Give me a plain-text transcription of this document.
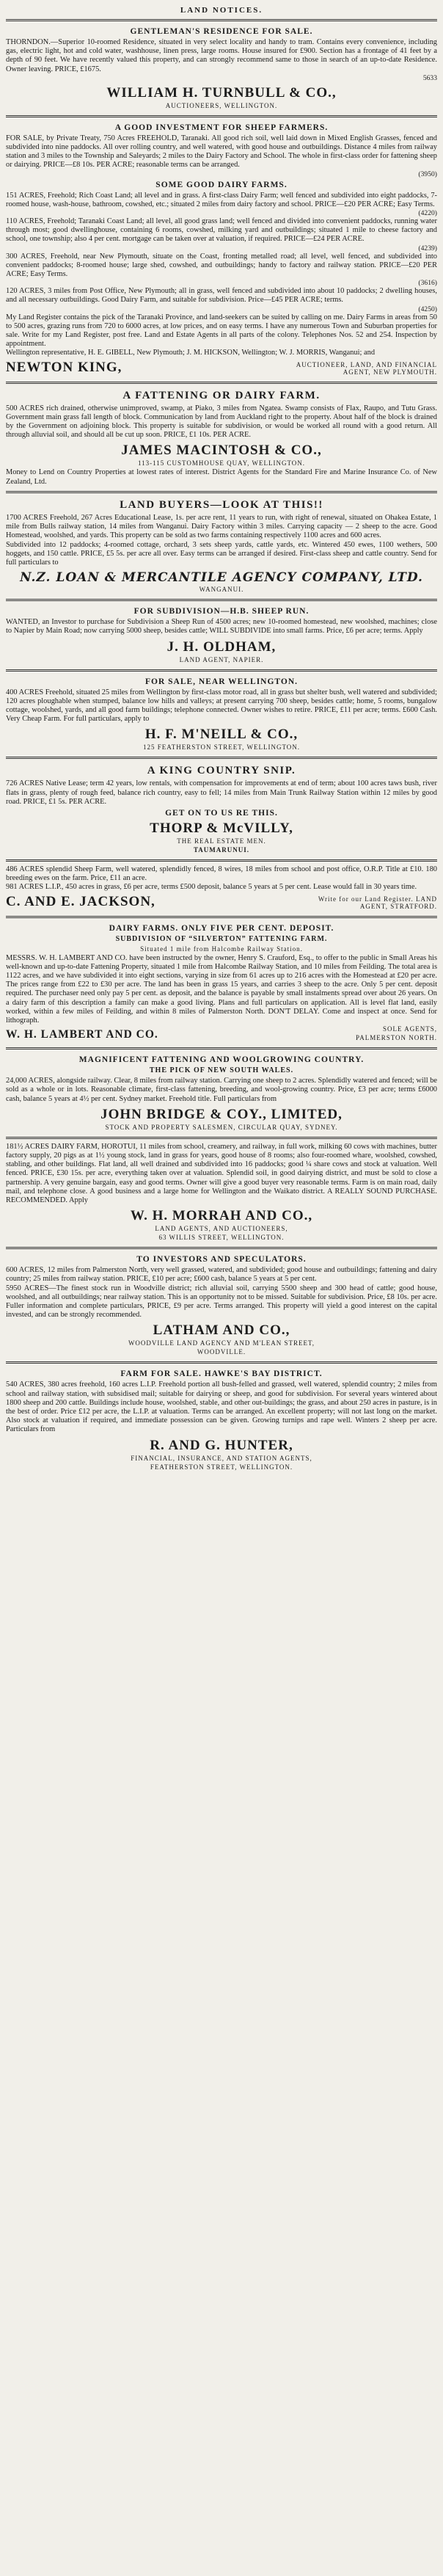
LAND NOTICES.
GENTLEMAN'S RESIDENCE FOR SALE.

THORNDON.—Superior 10-roomed Residence, situated in very select locality and handy to tram. Contains every convenience, including gas, electric light, hot and cold water, washhouse, linen press, large rooms. House insured for £900. Section has a frontage of 41 feet by a depth of 90 feet. We have recently valued this property, and can strongly recommend same to those in search of an up-to-date Residence. Owner leaving. PRICE, £1675.

5633

WILLIAM H. TURNBULL & CO.,
AUCTIONEERS, WELLINGTON.
A GOOD INVESTMENT FOR SHEEP FARMERS.

FOR SALE, by Private Treaty, 750 Acres FREEHOLD, Taranaki. All good rich soil, well laid down in Mixed English Grasses, fenced and subdivided into nine paddocks. All over rolling country, and well watered, with good house and outbuildings. Distance 4 miles from railway station and 3 miles to the Township and Saleyards; 2 miles to the Dairy Factory and School. The whole in first-class order for fattening sheep or dairying. PRICE—£8 10s. PER ACRE; reasonable terms can be arranged.

(3950)

SOME GOOD DAIRY FARMS.

151 ACRES, Freehold; Rich Coast Land; all level and in grass. A first-class Dairy Farm; well fenced and subdivided into eight paddocks, 7-roomed house, wash-house, bathroom, cowshed, etc.; situated 2 miles from dairy factory and school. PRICE—£20 PER ACRE; Easy Terms.

(4220)

110 ACRES, Freehold; Taranaki Coast Land; all level, all good grass land; well fenced and divided into convenient paddocks, running water through most; good dwellinghouse, containing 6 rooms, cowshed, milking yard and outbuildings; situated 1 mile to cheese factory and school, one township; also 4 per cent. mortgage can be taken over at valuation, if required. PRICE—£24 PER ACRE.

(4239)

300 ACRES, Freehold, near New Plymouth, situate on the Coast, fronting metalled road; all level, well fenced, and subdivided into convenient paddocks; 8-roomed house; large shed, cowshed, and outbuildings; handy to factory and railway station. PRICE—£20 PER ACRE; Easy Terms.

(3616)

120 ACRES, 3 miles from Post Office, New Plymouth; all in grass, well fenced and subdivided into about 10 paddocks; 2 dwelling houses, and all necessary outbuildings. Good Dairy Farm, and suitable for subdivision. Price—£45 PER ACRE; terms.

(4250)

My Land Register contains the pick of the Taranaki Province, and land-seekers can be suited by calling on me. Dairy Farms in areas from 50 to 500 acres, grazing runs from 720 to 6000 acres, at low prices, and on easy terms. I have any numerous Town and Suburban properties for sale. Write for my Land Register, post free. Land and Estate Agents in all parts of the colony. Telephones Nos. 52 and 254. Inspection by appointment.

Wellington representative, H. E. GIBELL, New Plymouth; J. M. HICKSON, Wellington; W. J. MORRIS, Wanganui; and

NEWTON KING,	AUCTIONEER, LAND, AND FINANCIAL AGENT, NEW PLYMOUTH.
A FATTENING OR DAIRY FARM.

500 ACRES rich drained, otherwise unimproved, swamp, at Piako, 3 miles from Ngatea. Swamp consists of Flax, Raupo, and Tutu Grass. Government main grass fall length of block. Communication by land from Auckland right to the property. About half of the block is drained by the Government on adjoining block. This property is suitable for subdivision, or would be worked all round with a good return. All through alluvial soil, and should all be cut up soon. PRICE, £1 10s. PER ACRE.

JAMES MACINTOSH & CO.,
113-115 CUSTOMHOUSE QUAY, WELLINGTON.

Money to Lend on Country Properties at lowest rates of interest. District Agents for the Standard Fire and Marine Insurance Co. of New Zealand, Ltd.

LAND BUYERS—LOOK AT THIS!!

1700 ACRES Freehold, 267 Acres Educational Lease, 1s. per acre rent, 11 years to run, with right of renewal, situated on Ohakea Estate, 1 mile from Bulls railway station, 14 miles from Wanganui. Dairy Factory within 3 miles. Carrying capacity — 2 sheep to the acre. Good Homestead, woolshed, and yards. This property can be sold as two farms containing respectively 1100 acres and 600 acres.

Subdivided into 12 paddocks; 4-roomed cottage, orchard, 3 sets sheep yards, cattle yards, etc. Wintered 450 ewes, 1100 wethers, 500 hoggets, and 150 cattle. PRICE, £5 5s. per acre all over. Easy terms can be arranged if desired. First-class sheep and cattle country. Send for full particulars to

N.Z. LOAN & MERCANTILE AGENCY COMPANY, LTD.
WANGANUI.
FOR SUBDIVISION—H.B. SHEEP RUN.

WANTED, an Investor to purchase for Subdivision a Sheep Run of 4500 acres; new 10-roomed homestead, new woolshed, machines; close to Napier by Main Road; now carrying 5000 sheep, besides cattle; WILL SUBDIVIDE into small farms. Price, £6 per acre; terms. Apply

J. H. OLDHAM,
LAND AGENT, NAPIER.
FOR SALE, NEAR WELLINGTON.

400 ACRES Freehold, situated 25 miles from Wellington by first-class motor road, all in grass but shelter bush, well watered and subdivided; 120 acres ploughable when stumped, balance low hills and valleys; at present carrying 700 sheep, besides cattle; home, 5 rooms, bungalow cottage, woolshed, yards, and all good farm buildings; telephone connected. Owner wishes to retire. PRICE, £11 per acre; terms. £600 Cash. Very Cheap Farm. For full particulars, apply to

H. F. M'NEILL & CO.,
125 FEATHERSTON STREET, WELLINGTON.
A KING COUNTRY SNIP.

726 ACRES Native Lease; term 42 years, low rentals, with compensation for improvements at end of term; about 100 acres taws bush, river flats in grass, plenty of rough feed, balance rich country, easy to fell; 14 miles from Main Trunk Railway Station within 12 miles by good road. PRICE, £1 5s. PER ACRE.

GET ON TO US RE THIS.
THORP & McVILLY,
THE REAL ESTATE MEN.
TAUMARUNUI.

486 ACRES splendid Sheep Farm, well watered, splendidly fenced, 8 wires, 18 miles from school and post office, O.R.P. Title at £10. 180 breeding ewes on the farm. Price, £11 an acre.

981 ACRES L.I.P., 450 acres in grass, £6 per acre, terms £500 deposit, balance 5 years at 5 per cent. Lease would fall in 30 years time.

C. AND E. JACKSON,	Write for our Land Register. LAND AGENT, STRATFORD.
DAIRY FARMS. ONLY FIVE PER CENT. DEPOSIT.
SUBDIVISION OF “SILVERTON” FATTENING FARM.
Situated 1 mile from Halcombe Railway Station.

MESSRS. W. H. LAMBERT AND CO. have been instructed by the owner, Henry S. Crauford, Esq., to offer to the public in Small Areas his well-known and up-to-date Fattening Property, situated 1 mile from Halcombe Railway Station, and 10 miles from Feilding. The total area is 1122 acres, and we have subdivided it into eight sections, varying in size from 61 acres up to 216 acres with the Homestead at £20 per acre. The prices range from £22 to £30 per acre. The land has been in grass 15 years, and carries 3 sheep to the acre. Only 5 per cent. deposit required. The purchaser need only pay 5 per cent. as deposit, and the balance is payable by small instalments spread over about 26 years. On a dairy farm of this description a family can make a good living. Plans and full particulars on application. All is level flat land, easily worked, within a few miles of Feilding, and within 8 miles of Palmerston North. DON'T DELAY. Come and inspect at once. Send for lithograph.

W. H. LAMBERT AND CO.	SOLE AGENTS,
PALMERSTON NORTH.
MAGNIFICENT FATTENING AND WOOLGROWING COUNTRY.
THE PICK OF NEW SOUTH WALES.

24,000 ACRES, alongside railway. Clear, 8 miles from railway station. Carrying one sheep to 2 acres. Splendidly watered and fenced; will be sold as a whole or in lots. Reasonable climate, first-class fattening, breeding, and wool-growing country. Price, £3 per acre; terms £6000 cash, balance 5 years at 4½ per cent. Sydney market. Freehold title. Full particulars from

JOHN BRIDGE & COY., LIMITED,
STOCK AND PROPERTY SALESMEN, CIRCULAR QUAY, SYDNEY.

181½ ACRES DAIRY FARM, HOROTUI, 11 miles from school, creamery, and railway, in full work, milking 60 cows with machines, butter factory supply, 20 pigs as at 1½ young stock, land in grass for years, good house of 8 rooms; also four-roomed whare, woolshed, cowshed, stabling, and other buildings. Flat land, all well drained and subdivided into 16 paddocks; good ¼ share cows and stock at valuation. Well fenced. PRICE, £30 15s. per acre, everything taken over at valuation. Splendid soil, in good dairying district, and must be sold to close a partnership. A very genuine bargain, easy and good terms. Owner will give a good buyer very reasonable terms. Farm is on main road, daily mail, and telephone close. A good business and a large home for Wellington and the Waikato district. A REALLY SOUND PURCHASE. RECOMMENDED. Apply

W. H. MORRAH AND CO.,
LAND AGENTS, AND AUCTIONEERS,
63 WILLIS STREET, WELLINGTON.
TO INVESTORS AND SPECULATORS.

600 ACRES, 12 miles from Palmerston North, very well grassed, watered, and subdivided; good house and outbuildings; fattening and dairy country; 25 miles from railway station. PRICE, £10 per acre; £600 cash, balance 5 years at 5 per cent.

5950 ACRES—The finest stock run in Woodville district; rich alluvial soil, carrying 5500 sheep and 300 head of cattle; good house, woolshed, and all outbuildings; near railway station. This is an opportunity not to be missed. Suitable for subdivision. Price, £8 10s. per acre. Fuller information and complete particulars, PRICE, £9 per acre. Terms arranged. This property will yield a good interest on the capital invested, and can be strongly recommended.

LATHAM AND CO.,
WOODVILLE LAND AGENCY AND M'LEAN STREET,
WOODVILLE.
FARM FOR SALE. HAWKE'S BAY DISTRICT.

540 ACRES, 380 acres freehold, 160 acres L.I.P. Freehold portion all bush-felled and grassed, well watered, splendid country; 2 miles from school and railway station, with subsidised mail; suitable for dairying or sheep, and good for subdivision. For several years wintered about 1800 sheep and 200 cattle. Buildings include house, woolshed, stable, and other out-buildings; the grass, and about 250 acres in pasture, is in the best of order. Price £12 per acre, the L.I.P. at valuation. Terms can be arranged. An excellent property; will not last long on the market. Also stock at valuation if required, and immediate possession can be given. Growing turnips and rape well. Winters 2 sheep per acre. Particulars from

R. AND G. HUNTER,
FINANCIAL, INSURANCE, AND STATION AGENTS,
FEATHERSTON STREET, WELLINGTON.
